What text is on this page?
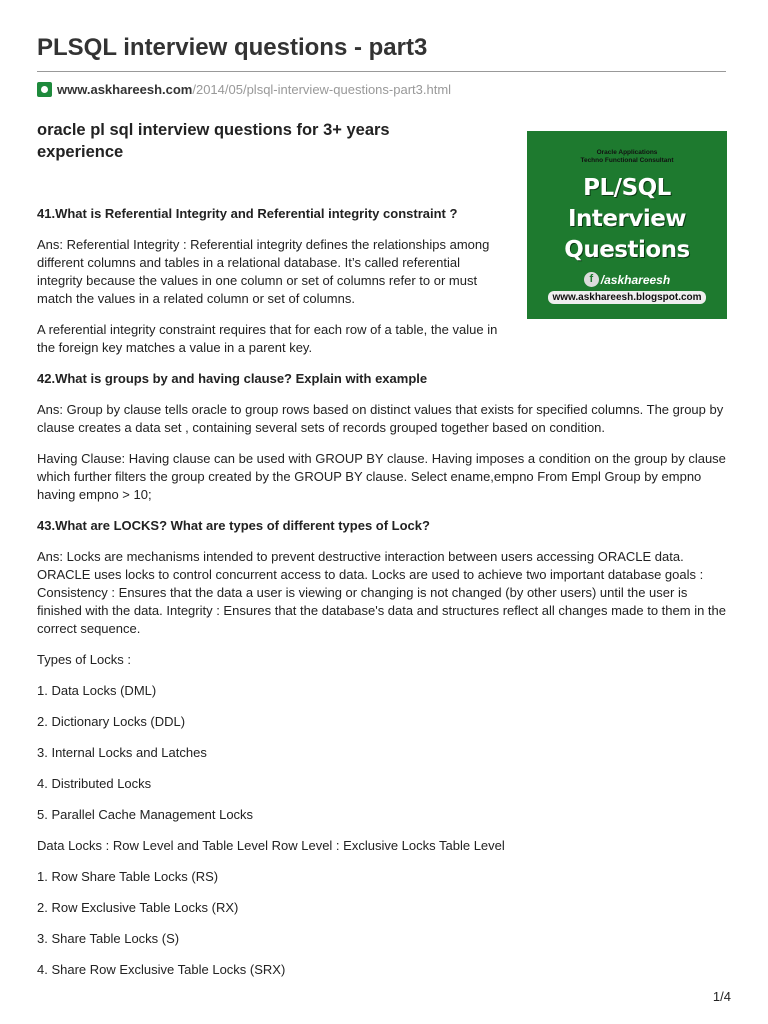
PLSQL interview questions - part3
www.askhareesh.com /2014/05/plsql-interview-questions-part3.html
oracle pl sql interview questions for 3+ years experience	Oracle Applications
Techno Functional Consultant
PL/SQL
Interview
Questions
f /askhareesh
www.askhareesh.blogspot.com

41.What is Referential Integrity and Referential integrity constraint ?

Ans: Referential Integrity : Referential integrity defines the relationships among different columns and tables in a relational database. It’s called referential integrity because the values in one column or set of columns refer to or must match the values in a related column or set of columns.

A referential integrity constraint requires that for each row of a table, the value in the foreign key matches a value in a parent key.

42.What is groups by and having clause? Explain with example

Ans: Group by clause tells oracle to group rows based on distinct values that exists for specified columns. The group by clause creates a data set , containing several sets of records grouped together based on condition.

Having Clause: Having clause can be used with GROUP BY clause. Having imposes a condition on the group by clause which further filters the group created by the GROUP BY clause. Select ename,empno From Empl Group by empno having empno > 10;

43.What are LOCKS? What are types of different types of Lock?

Ans: Locks are mechanisms intended to prevent destructive interaction between users accessing ORACLE data. ORACLE uses locks to control concurrent access to data. Locks are used to achieve two important database goals : Consistency : Ensures that the data a user is viewing or changing is not changed (by other users) until the user is finished with the data. Integrity : Ensures that the database's data and structures reflect all changes made to them in the correct sequence.

Types of Locks :

1. Data Locks (DML)

2. Dictionary Locks (DDL)

3. Internal Locks and Latches

4. Distributed Locks

5. Parallel Cache Management Locks

Data Locks : Row Level and Table Level Row Level : Exclusive Locks Table Level

1. Row Share Table Locks (RS)

2. Row Exclusive Table Locks (RX)

3. Share Table Locks (S)

4. Share Row Exclusive Table Locks (SRX)

1/4
